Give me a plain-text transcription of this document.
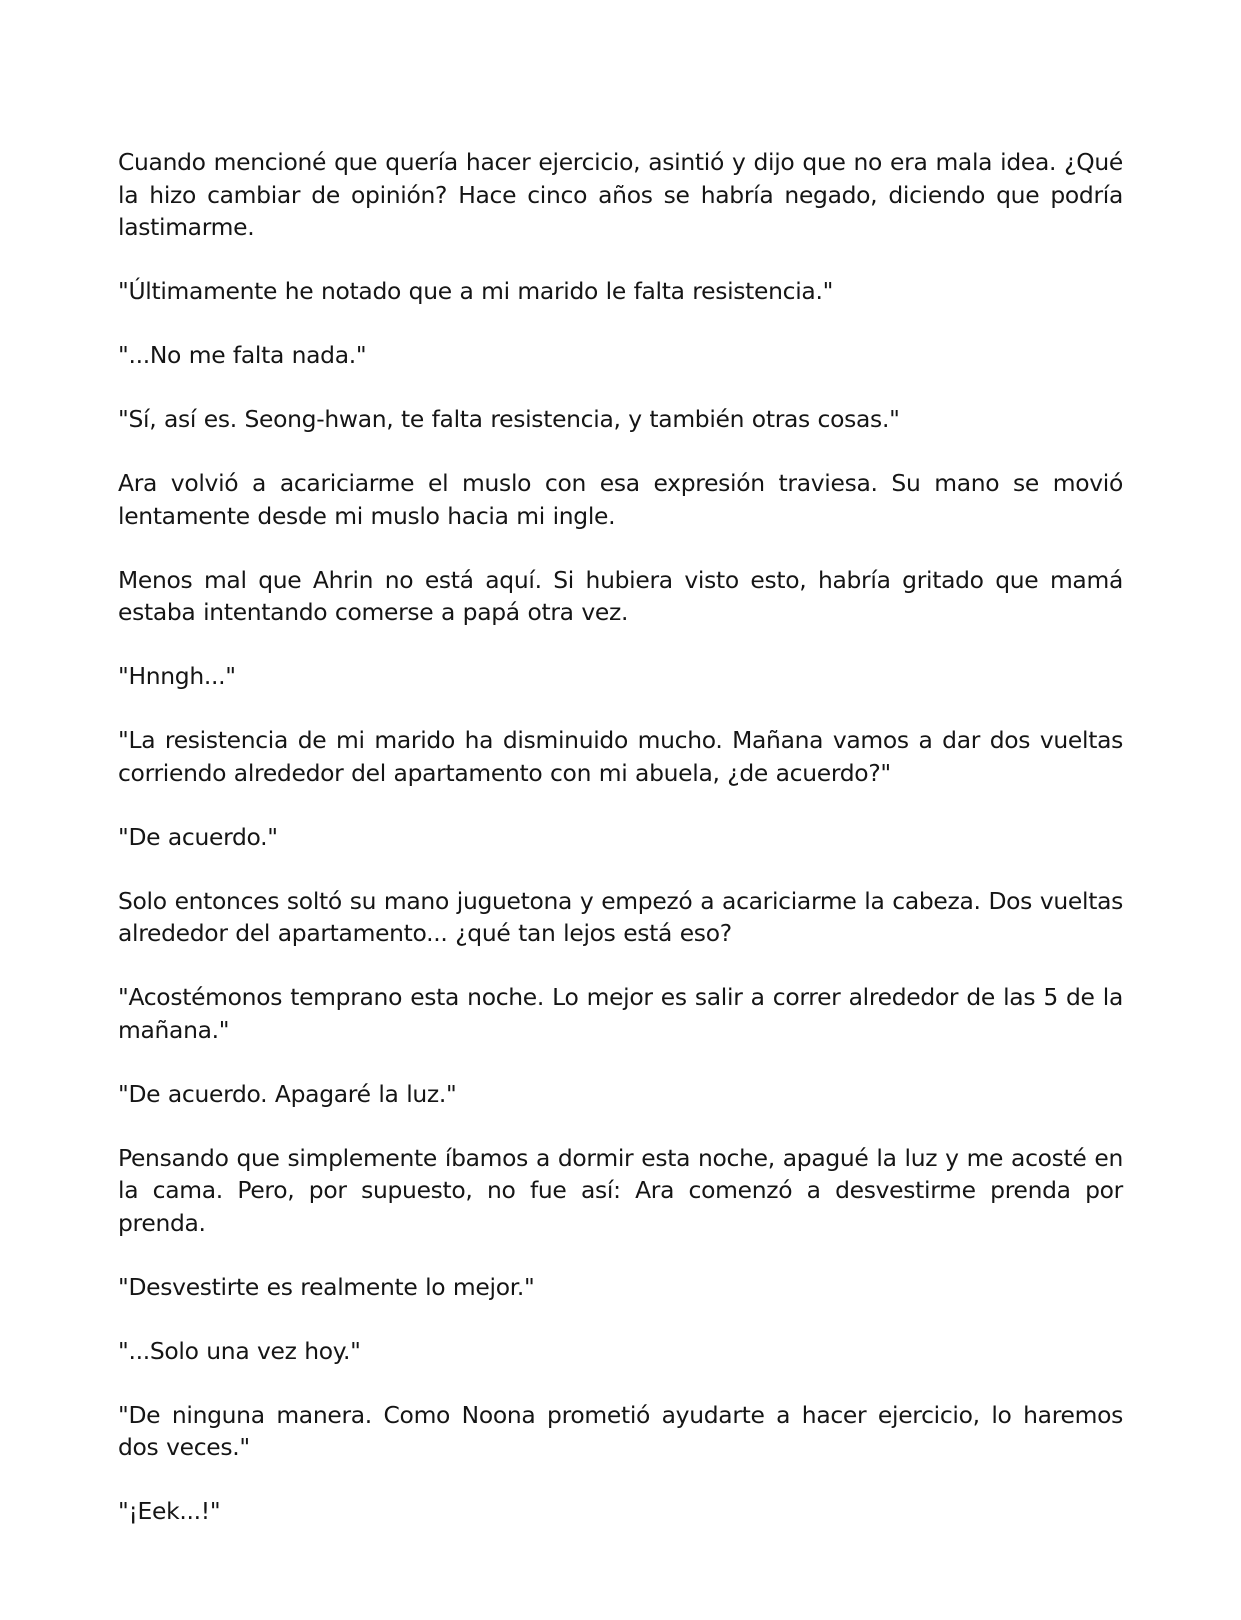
Cuando mencioné que quería hacer ejercicio, asintió y dijo que no era mala idea. ¿Qué la hizo cambiar de opinión? Hace cinco años se habría negado, diciendo que podría lastimarme.

"Últimamente he notado que a mi marido le falta resistencia."

"...No me falta nada."

"Sí, así es. Seong-hwan, te falta resistencia, y también otras cosas."

Ara volvió a acariciarme el muslo con esa expresión traviesa. Su mano se movió lentamente desde mi muslo hacia mi ingle.

Menos mal que Ahrin no está aquí. Si hubiera visto esto, habría gritado que mamá estaba intentando comerse a papá otra vez.

"Hnngh..."

"La resistencia de mi marido ha disminuido mucho. Mañana vamos a dar dos vueltas corriendo alrededor del apartamento con mi abuela, ¿de acuerdo?"

"De acuerdo."

Solo entonces soltó su mano juguetona y empezó a acariciarme la cabeza. Dos vueltas alrededor del apartamento... ¿qué tan lejos está eso?

"Acostémonos temprano esta noche. Lo mejor es salir a correr alrededor de las 5 de la mañana."

"De acuerdo. Apagaré la luz."

Pensando que simplemente íbamos a dormir esta noche, apagué la luz y me acosté en la cama. Pero, por supuesto, no fue así: Ara comenzó a desvestirme prenda por prenda.

"Desvestirte es realmente lo mejor."

"...Solo una vez hoy."

"De ninguna manera. Como Noona prometió ayudarte a hacer ejercicio, lo haremos dos veces."

"¡Eek...!"
